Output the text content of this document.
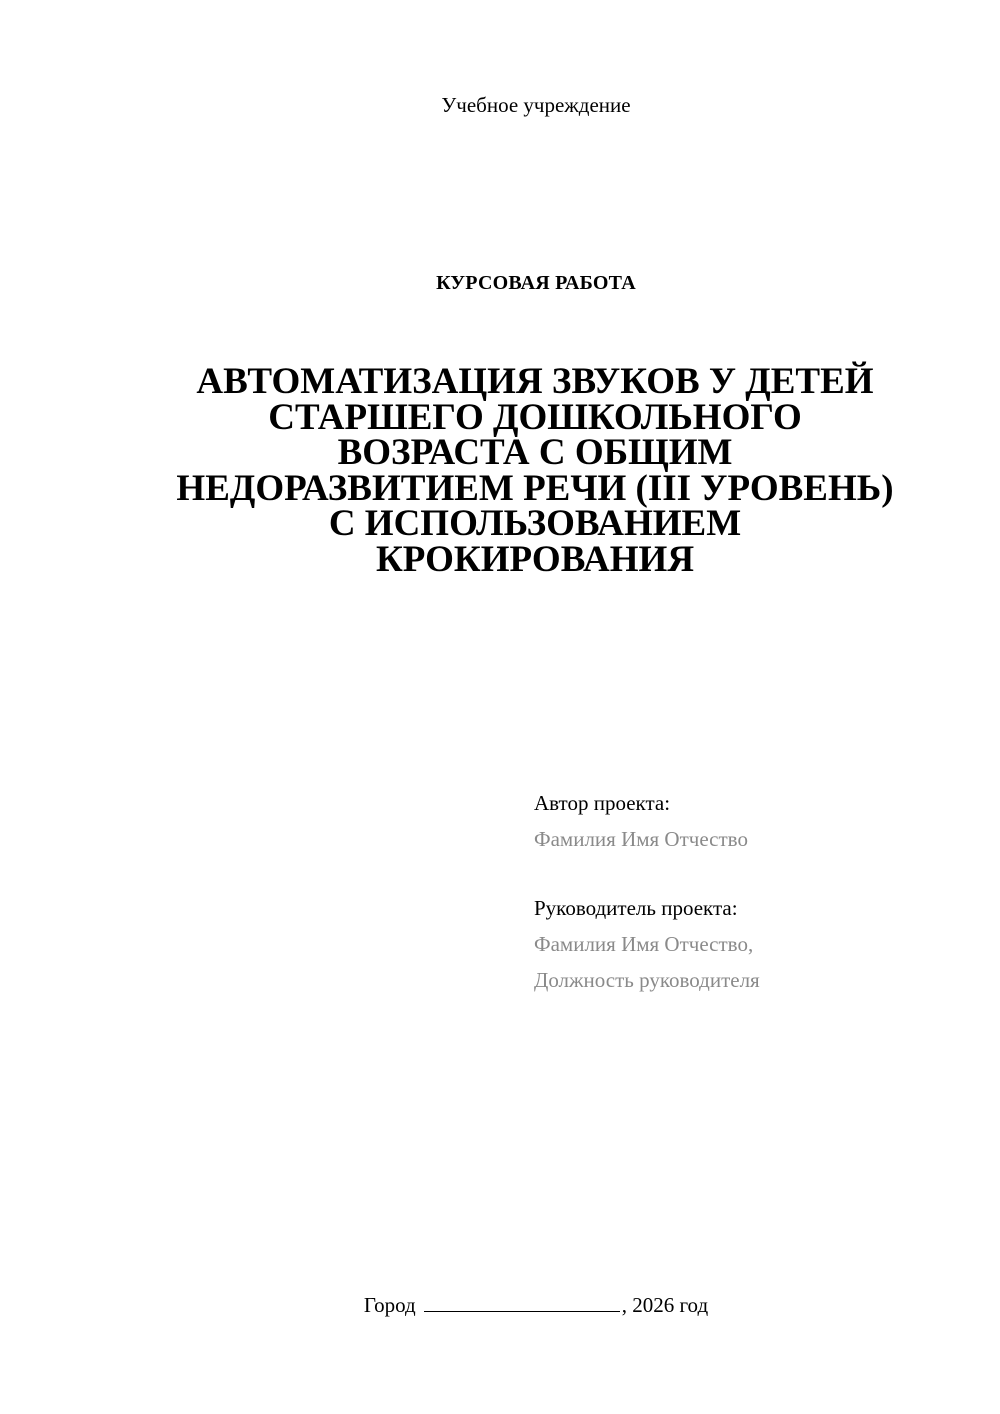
Учебное учреждение
КУРСОВАЯ РАБОТА
АВТОМАТИЗАЦИЯ ЗВУКОВ У ДЕТЕЙ
СТАРШЕГО ДОШКОЛЬНОГО
ВОЗРАСТА С ОБЩИМ
НЕДОРАЗВИТИЕМ РЕЧИ (III УРОВЕНЬ)
С ИСПОЛЬЗОВАНИЕМ
КРОКИРОВАНИЯ
Автор проекта:
Фамилия Имя Отчество
Руководитель проекта:
Фамилия Имя Отчество,
Должность руководителя
Город	, 2026 год
